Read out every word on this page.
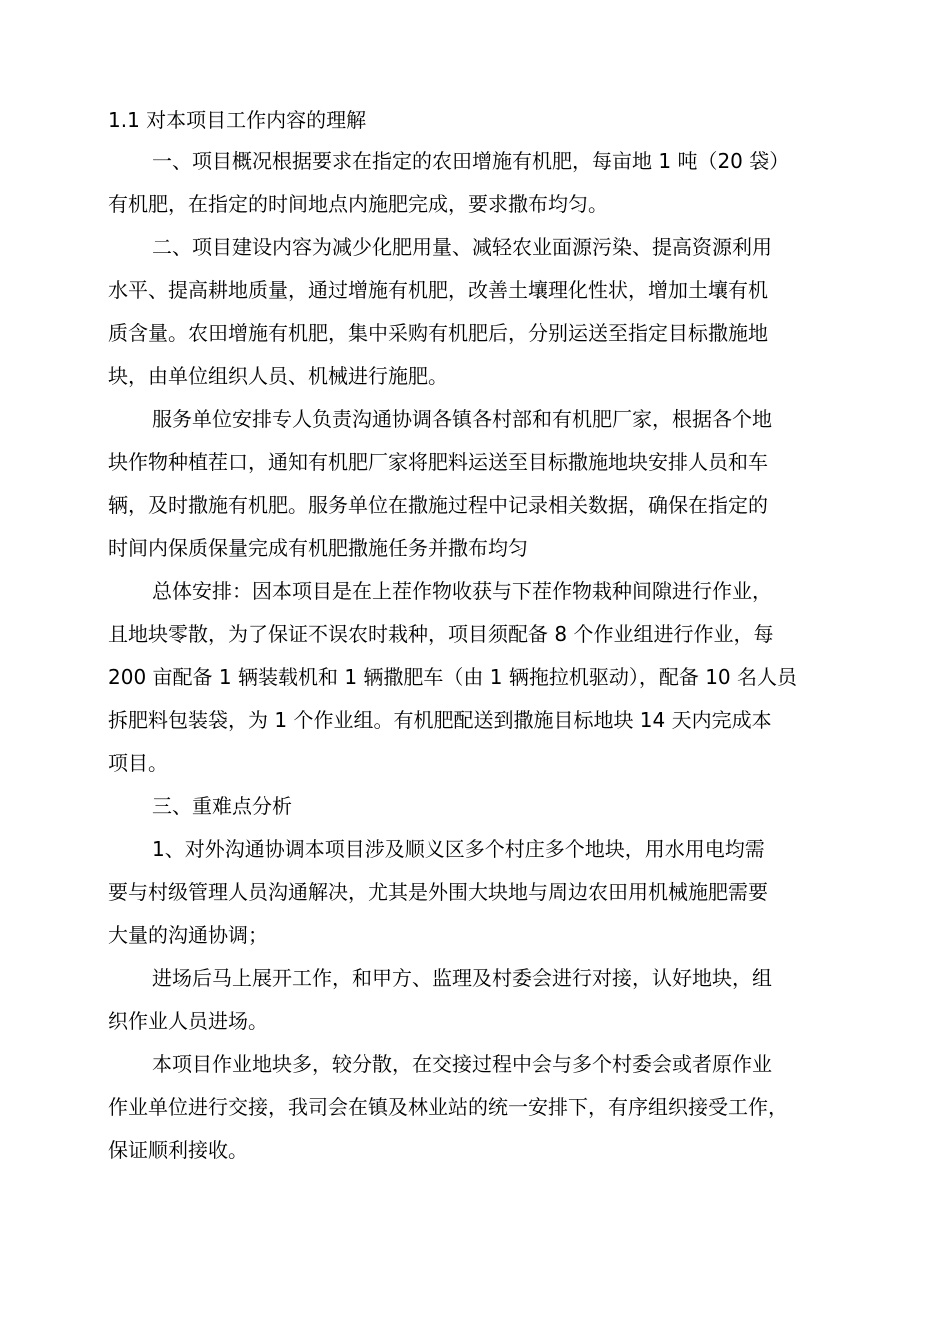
1.1 对本项目工作内容的理解
一、项目概况根据要求在指定的农田增施有机肥，每亩地 1 吨（20 袋）
有机肥，在指定的时间地点内施肥完成，要求撒布均匀。
二、项目建设内容为减少化肥用量、减轻农业面源污染、提高资源利用
水平、提高耕地质量，通过增施有机肥，改善土壤理化性状，增加土壤有机
质含量。农田增施有机肥，集中采购有机肥后，分别运送至指定目标撒施地
块，由单位组织人员、机械进行施肥。
服务单位安排专人负责沟通协调各镇各村部和有机肥厂家，根据各个地
块作物种植茬口，通知有机肥厂家将肥料运送至目标撒施地块安排人员和车
辆，及时撒施有机肥。服务单位在撒施过程中记录相关数据，确保在指定的
时间内保质保量完成有机肥撒施任务并撒布均匀
总体安排：因本项目是在上茬作物收获与下茬作物栽种间隙进行作业，
且地块零散，为了保证不误农时栽种，项目须配备 8 个作业组进行作业，每
200 亩配备 1 辆装载机和 1 辆撒肥车（由 1 辆拖拉机驱动），配备 10 名人员
拆肥料包装袋，为 1 个作业组。有机肥配送到撒施目标地块 14 天内完成本
项目。
三、重难点分析
1、对外沟通协调本项目涉及顺义区多个村庄多个地块，用水用电均需
要与村级管理人员沟通解决，尤其是外围大块地与周边农田用机械施肥需要
大量的沟通协调；
进场后马上展开工作，和甲方、监理及村委会进行对接，认好地块，组
织作业人员进场。
本项目作业地块多，较分散，在交接过程中会与多个村委会或者原作业
作业单位进行交接，我司会在镇及林业站的统一安排下，有序组织接受工作，
保证顺利接收。
